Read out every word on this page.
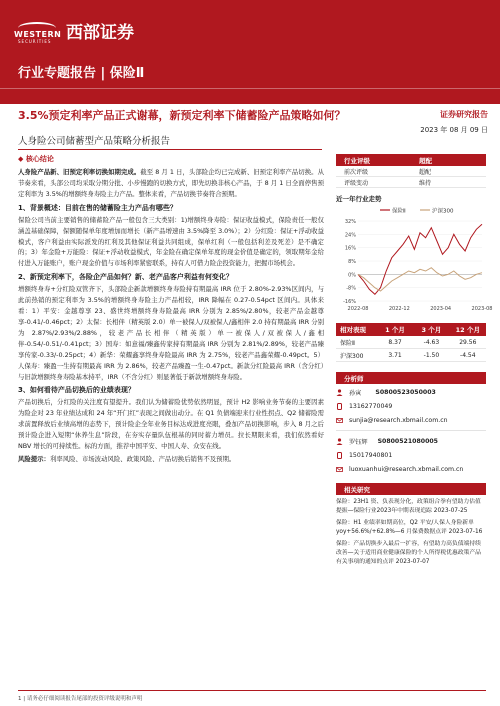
WESTERN
SECURITIES 西部证券
行业专题报告 | 保险Ⅱ
3.5%预定利率产品正式谢幕，新预定利率下储蓄险产品策略如何？	证券研究报告
2023 年 08 月 09 日
人身险公司储蓄型产品策略分析报告
◆ 核心结论
人身险产品新、旧预定利率切换如期完成。截至 8 月 1 日，头部险企均已完成新、旧预定利率产品切换。从节奏来看，头部公司均采取分期分批、小步慢跑的切换方式，即先切换非核心产品，于 8 月 1 日全面停售预定利率为 3.5%的增额终身寿险主力产品。整体来看，产品切换节奏符合预期。
1、背景概述：目前在售的储蓄险主力产品有哪些？
保险公司当前主要销售的储蓄险产品一般包含三大类别：1)增额终身寿险：保证收益模式，保险责任一般仅涵盖基础保障，保额随保单年度增加而增长（新产品增速由 3.5%降至 3.0%）；2）分红险：保证+浮动收益模式，客户利益由实际派发的红利及其他保证利益共同组成，保单红利（一般包括利差及死差）是不确定的；3）年金险+万能险：保证+浮动收益模式，年金险在确定保单年度的现金价值是确定的，领取期年金给付进入万能账户，账户现金价值与市场利率紧密联系，持有人可借力险企投资能力，把握市场机会。
2、新预定利率下，各险企产品如何？新、老产品客户利益有何变化？
增额终身寿+分红险双管齐下，头部险企新款增额终身寿险持有期最高 IRR 位于 2.80%-2.93%区间内，与此前热销的预定利率为 3.5%的增额终身寿险主力产品相较，IRR 降幅在 0.27-0.54pct 区间内。具体来看：1）平安：金越尊享 23、盛世终增额终身寿险最高 IRR 分别为 2.85%/2.80%，较老产品金越尊享-0.41/-0.46pct；2）太保：长相伴（精英版 2.0）单一被保人/双被保人/鑫相伴 2.0 持有期最高 IRR 分别为 2.87%/2.93%/2.88%，较老产品长相伴（精英版）单一被保人/双被保人/鑫相伴-0.54/-0.51/-0.41pct；3）国寿：如意福/臻鑫传家持有期最高 IRR 分别为 2.81%/2.89%，较老产品臻享传家-0.33/-0.25pct；4）新华：荣耀鑫享终身寿险最高 IRR 为 2.75%，较老产品鑫荣耀-0.49pct。5）人保寿：臻盈一生持有期最高 IRR 为 2.86%，较老产品臻盈一生-0.47pct。新款分红险最高 IRR（含分红）与旧款增额终身寿险基本持平，IRR（不含分红）则显著低于新款增额终身寿险。
3、如何看待产品切换后的业绩表现？
产品切换后，分红险的关注度有望提升。我们认为储蓄险优势依然明显，预计 H2 影响业务节奏的主要因素为险企对 23 年业绩达成和 24 年“开门红”表现之间做出动分。在 Q1 负债端迎来行业性拐点、Q2 储蓄险需求前置释放后业绩高增的态势下，预计险企全年业务目标达成进度亮眼，叠加产品切换影响，步入 8 月之后预计险企进入短期“休养生息”阶段，在夯实存量队伍根基的同时蓄力增员。拉长期限来看，我们依然看好 NBV 增长的可持续性。标的方面，推荐中国平安、中国人寿、众安在线。
风险提示：利率风险、市场波动风险、政策风险、产品切换后销售不及预期。
行业评级	超配
前次评级	超配
评级变动	维持
近一年行业走势
保险Ⅱ	沪深300
32%
24%
16%
8%
0%
-8%
-16%
2022-08	2022-12	2023-04	2023-08
相对表现	1 个月	3 个月	12 个月
保险Ⅱ	8.37	-4.63	29.56
沪深300	3.71	-1.50	-4.54
分析师
孙寅 S0800523050003
13162770049
sunjia@research.xbmail.com.cn
罗钰辉 S0800521080005
15017940801
luoxuanhui@research.xbmail.com.cn
相关研究
保险：23H1 资、负表现分化，政策组合拳有望助力估值提振—保险行业2023年中期表现追踪 2023-07-25
保险：H1 业绩率如期高位，Q2 平安/人保人身险新单 yoy+56.6%/+62.8%—6 月保费数据点评 2023-07-16
保险：产品切换步入最后一扩容，有望助力高负债端持续改善—关于适用商业健康保险的个人所得税优惠政策产品有关事项的通知的点评 2023-07-07
1 | 请务必仔细阅读报告尾部的投资评级说明和声明
